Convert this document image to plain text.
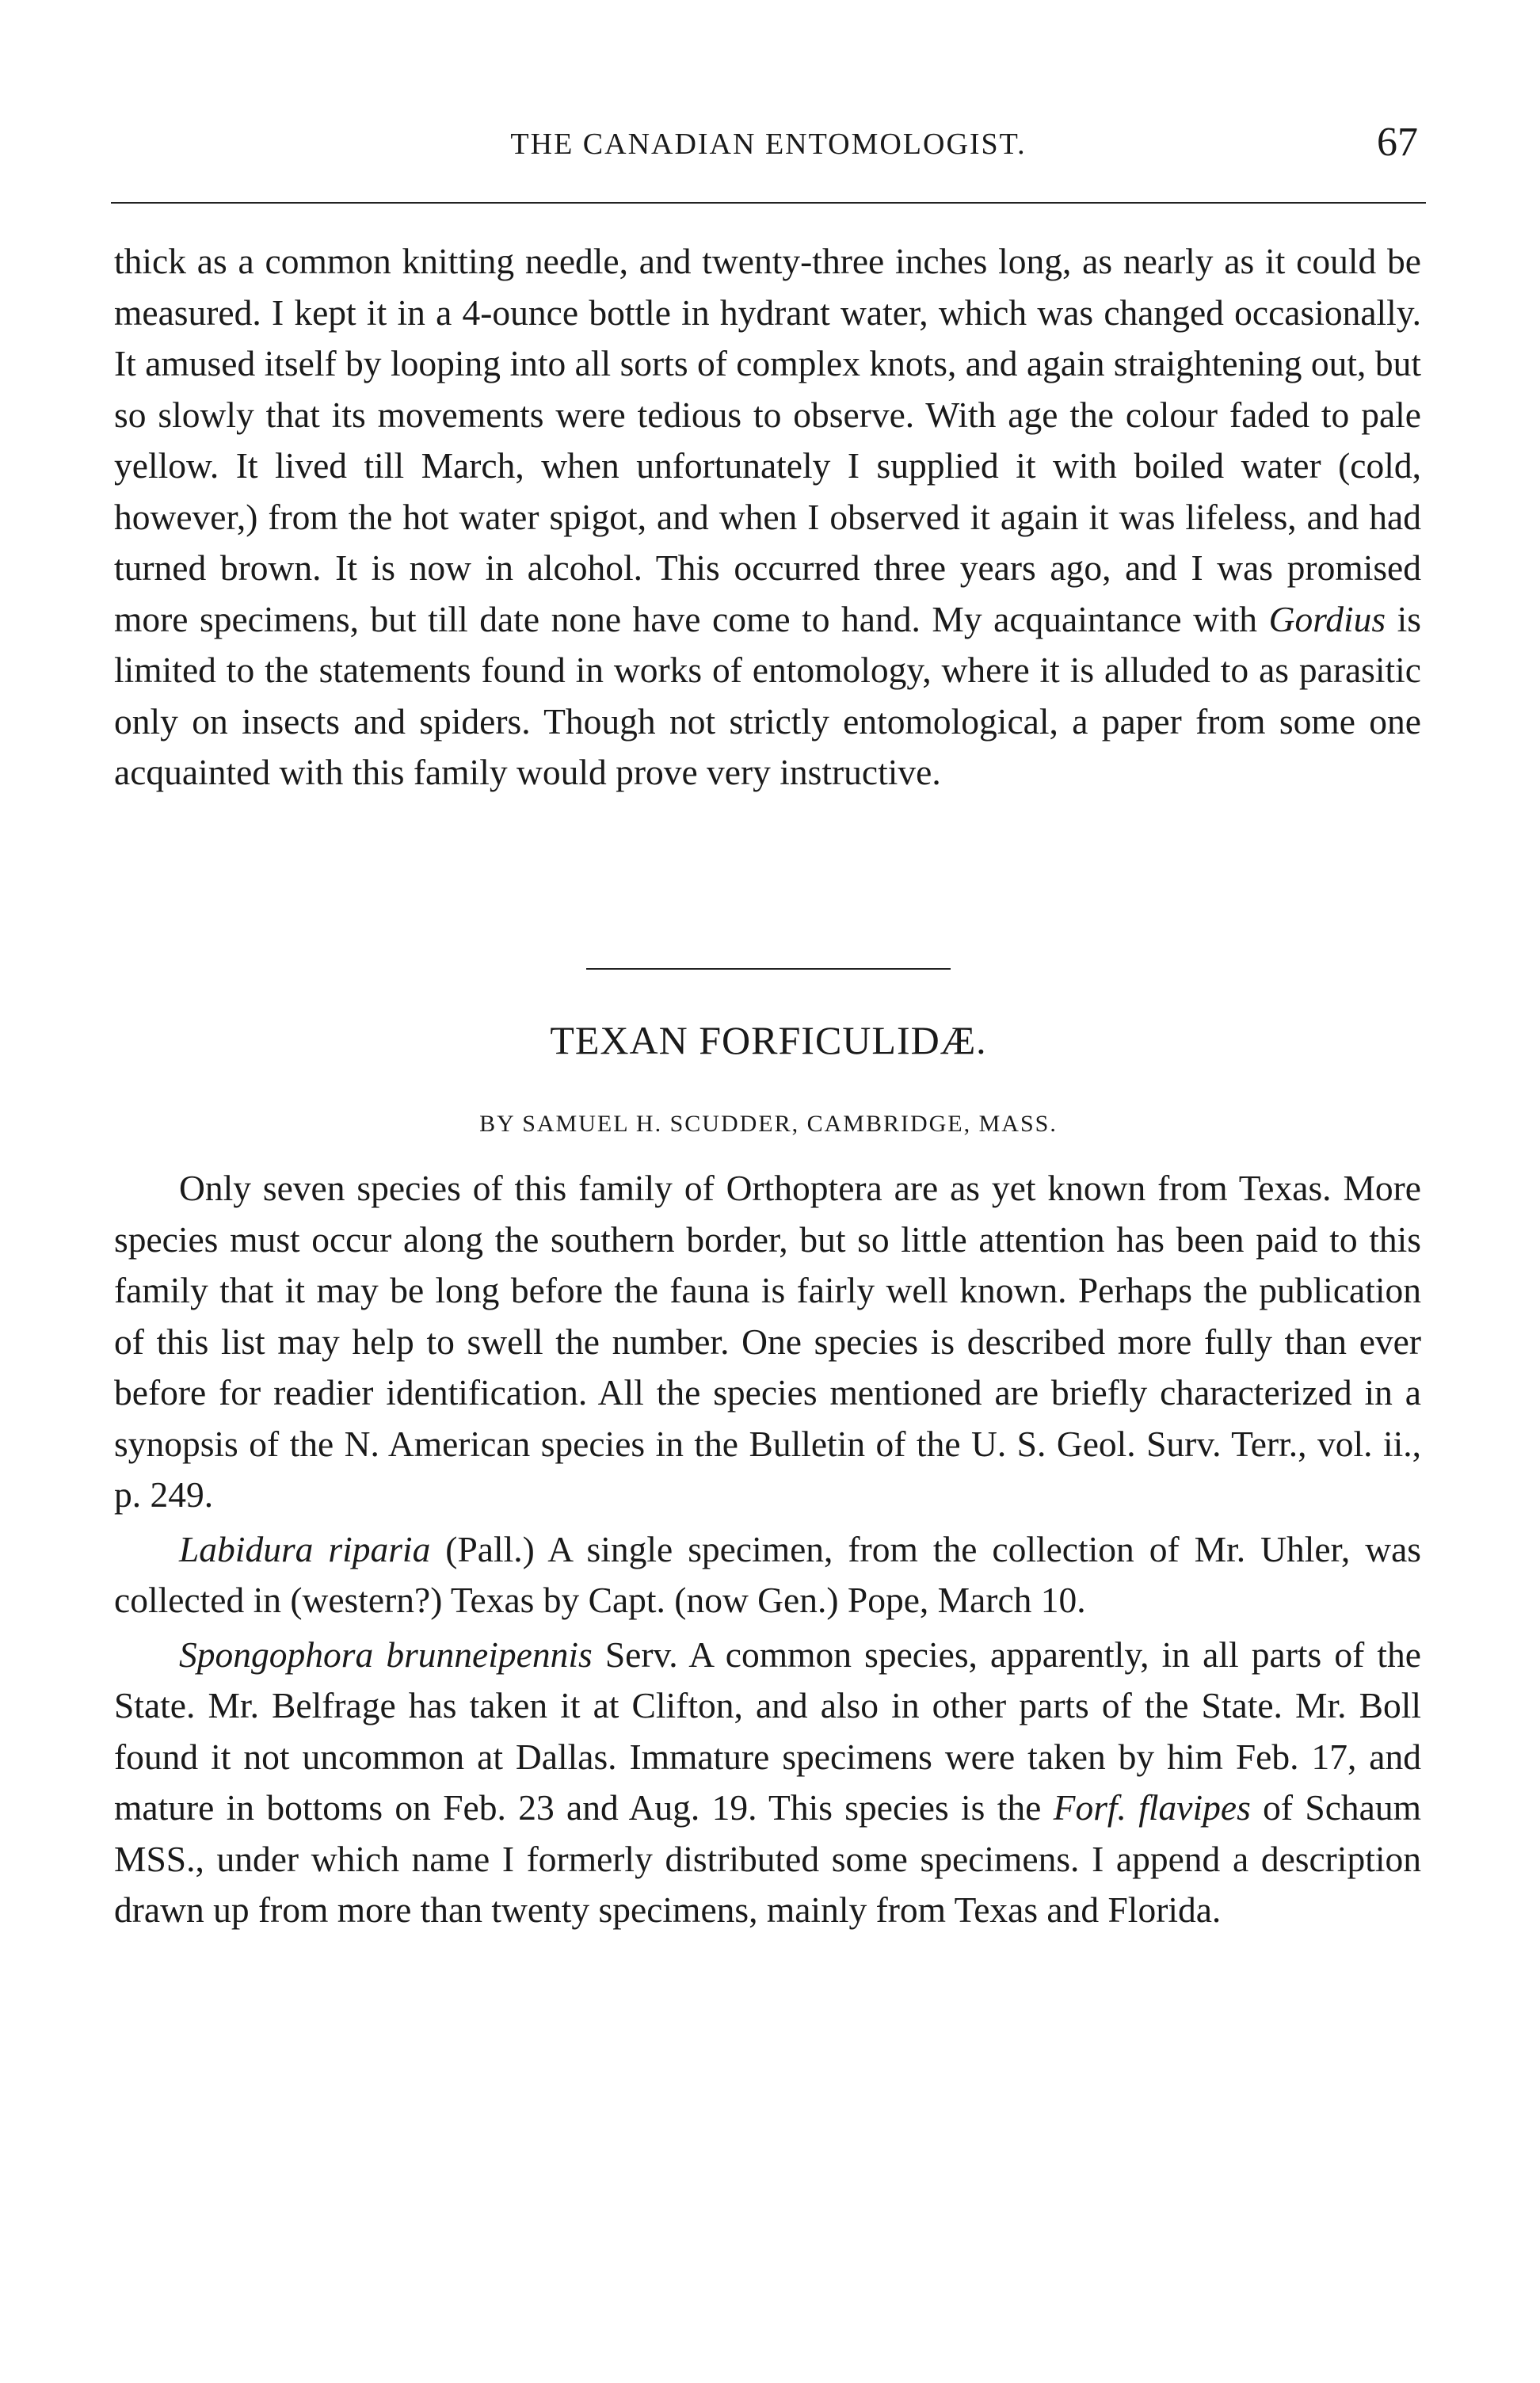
THE CANADIAN ENTOMOLOGIST.	67

thick as a common knitting needle, and twenty-three inches long, as nearly as it could be measured. I kept it in a 4-ounce bottle in hydrant water, which was changed occasionally. It amused itself by looping into all sorts of complex knots, and again straightening out, but so slowly that its movements were tedious to observe. With age the colour faded to pale yellow. It lived till March, when unfortunately I supplied it with boiled water (cold, however,) from the hot water spigot, and when I observed it again it was lifeless, and had turned brown. It is now in alcohol. This occurred three years ago, and I was promised more specimens, but till date none have come to hand. My acquaintance with Gordius is limited to the statements found in works of entomology, where it is alluded to as parasitic only on insects and spiders. Though not strictly entomological, a paper from some one acquainted with this family would prove very instructive.

TEXAN FORFICULIDÆ.
BY SAMUEL H. SCUDDER, CAMBRIDGE, MASS.

Only seven species of this family of Orthoptera are as yet known from Texas. More species must occur along the southern border, but so little attention has been paid to this family that it may be long before the fauna is fairly well known. Perhaps the publication of this list may help to swell the number. One species is described more fully than ever before for readier identification. All the species mentioned are briefly characterized in a synopsis of the N. American species in the Bulletin of the U. S. Geol. Surv. Terr., vol. ii., p. 249.

Labidura riparia (Pall.) A single specimen, from the collection of Mr. Uhler, was collected in (western?) Texas by Capt. (now Gen.) Pope, March 10.

Spongophora brunneipennis Serv. A common species, apparently, in all parts of the State. Mr. Belfrage has taken it at Clifton, and also in other parts of the State. Mr. Boll found it not uncommon at Dallas. Immature specimens were taken by him Feb. 17, and mature in bottoms on Feb. 23 and Aug. 19. This species is the Forf. flavipes of Schaum MSS., under which name I formerly distributed some specimens. I append a description drawn up from more than twenty specimens, mainly from Texas and Florida.
